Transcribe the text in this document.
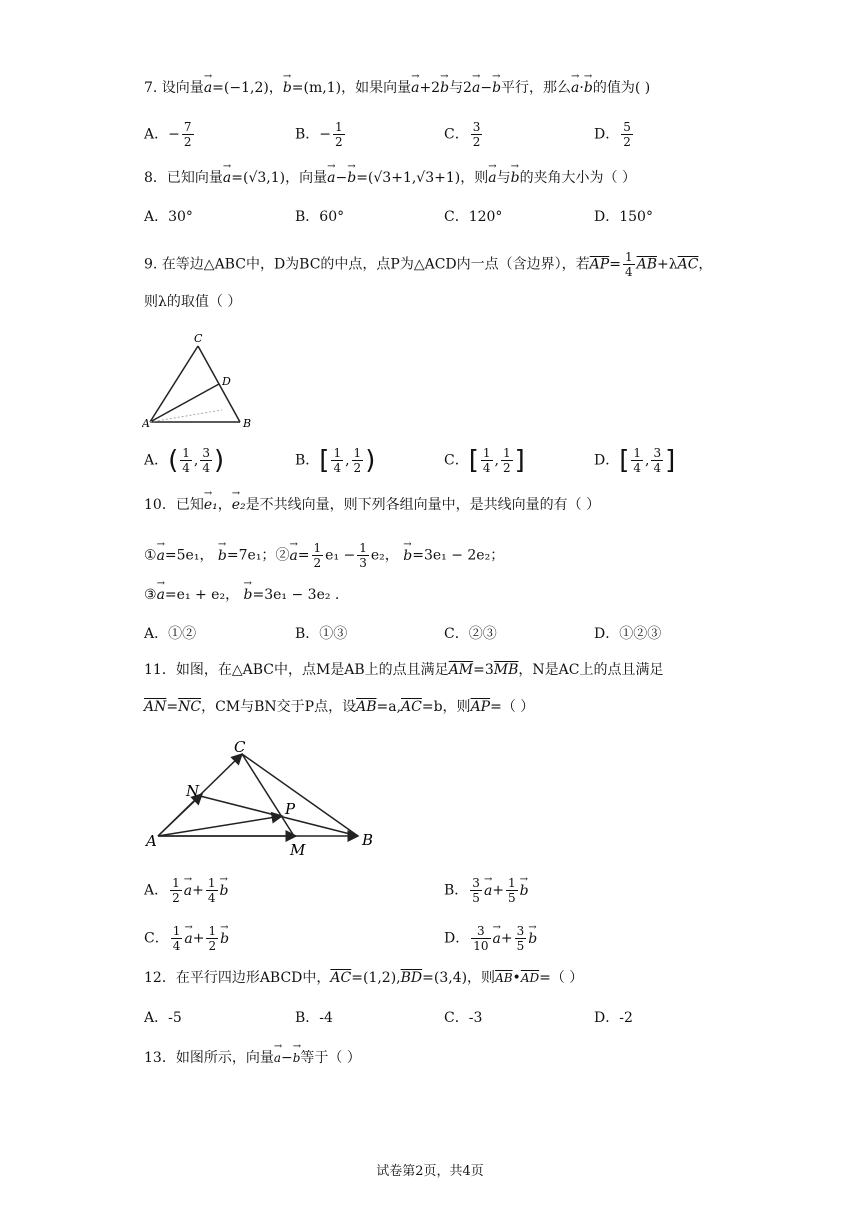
7. 设向量→ a=(−1,2)，→ b=(m,1)，如果向量→ a+2→ b与2→ a−→ b平行，那么→ a·→ b的值为( )
A．− $\frac{7}{2}$	B．− $\frac{1}{2}$	C． $\frac{3}{2}$	D． $\frac{5}{2}$
8．已知向量→ a=(√3,1)，向量→ a−→ b=(√3+1,√3+1)，则→ a与→ b的夹角大小为（ ）
A．30°	B．60°	C．120°	D．150°
9. 在等边△ABC中，D为BC的中点，点P为△ACD内一点（含边界），若$\overline{AP}= \frac{1}{4} \overline{AB}+\lambda\overline{AC}$，
则λ的取值（ ）
A	B
C
D
A．( $\frac{1}{4}$ , $\frac{3}{4}$ )	B．[ $\frac{1}{4}$ , $\frac{1}{2}$ )	C．[ $\frac{1}{4}$ , $\frac{1}{2}$ ]	D．[ $\frac{1}{4}$ , $\frac{3}{4}$ ]
10．已知→ e₁，→ e₂是不共线向量，则下列各组向量中，是共线向量的有（ ）
①→ a=5e₁， → b=7e₁；②→ $a= \frac{1}{2} e_1 - \frac{1}{3} e_2$， → b=3e₁ − 2e₂；
③→ a=e₁ + e₂， → b=3e₁ − 3e₂ .
A．①②	B．①③	C．②③	D．①②③
11．如图，在△ABC中，点M是AB上的点且满足$\overline{AM}=3\overline{MB}$，N是AC上的点且满足
$\overline{AN}=\overline{NC}$，CM与BN交于P点，设$\overline{AB}=a,\overline{AC}=b$，则$\overline{AP}=$（ ）
A	B
C
N
P
M
A． $\frac{1}{2} \to a+ \frac{1}{4} \to b$	B． $\frac{3}{5} \to a+ \frac{1}{5} \to b$
C． $\frac{1}{4} \to a+ \frac{1}{2} \to b$	D． $\frac{3}{10} \to a+ \frac{3}{5} \to b$
12．在平行四边形ABCD中，$\overline{AC}=(1,2),\overline{BD}=(3,4)$，则$\overline{AB}•\overline{AD}=$（ ）
A．-5	B．-4	C．-3	D．-2
13．如图所示，向量→ a−→ b等于（ ）
试卷第2页，共4页
